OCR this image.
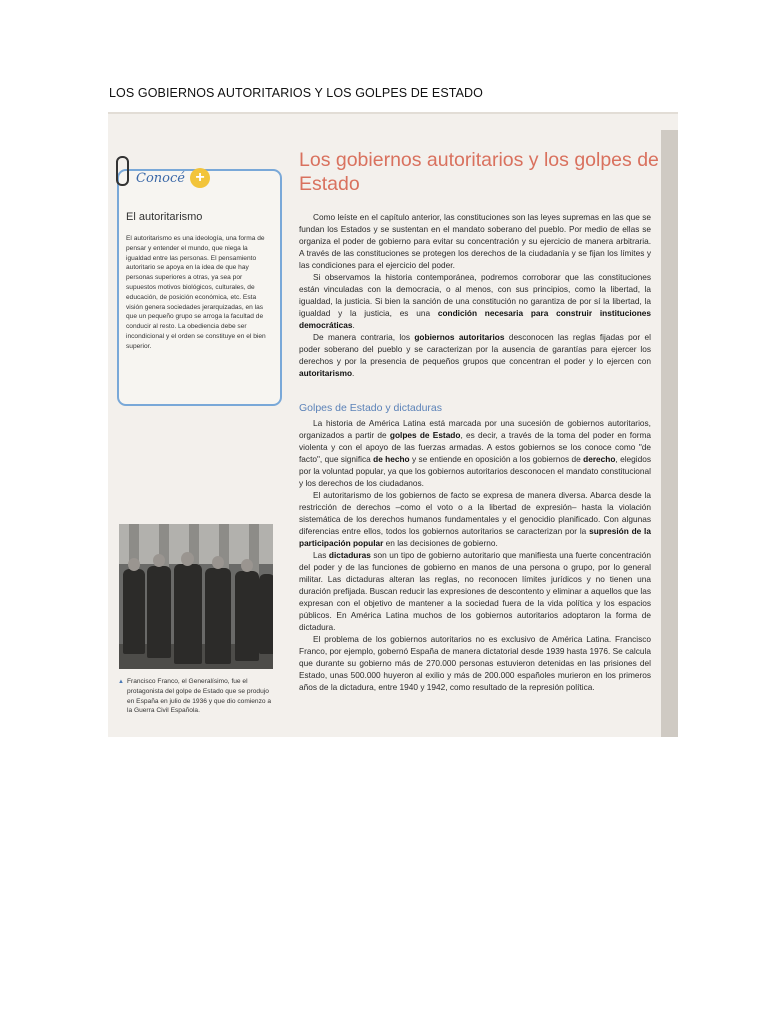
LOS GOBIERNOS AUTORITARIOS Y LOS GOLPES DE ESTADO
Conocé +
El autoritarismo
El autoritarismo es una ideología, una forma de pensar y entender el mundo, que niega la igualdad entre las personas. El pensamiento autoritario se apoya en la idea de que hay personas superiores a otras, ya sea por supuestos motivos biológicos, culturales, de educación, de posición económica, etc. Esta visión genera sociedades jerarquizadas, en las que un pequeño grupo se arroga la facultad de conducir al resto. La obediencia debe ser incondicional y el orden se constituye en el bien superior.
▲ Francisco Franco, el Generalísimo, fue el protagonista del golpe de Estado que se produjo en España en julio de 1936 y que dio comienzo a la Guerra Civil Española.
Los gobiernos autoritarios y los golpes de Estado

Como leíste en el capítulo anterior, las constituciones son las leyes supremas en las que se fundan los Estados y se sustentan en el mandato soberano del pueblo. Por medio de ellas se organiza el poder de gobierno para evitar su concentración y su ejercicio de manera arbitraria. A través de las constituciones se protegen los derechos de la ciudadanía y se fijan los límites y las condiciones para el ejercicio del poder.

Si observamos la historia contemporánea, podremos corroborar que las constituciones están vinculadas con la democracia, o al menos, con sus principios, como la libertad, la igualdad, la justicia. Si bien la sanción de una constitución no garantiza de por sí la libertad, la igualdad y la justicia, es una condición necesaria para construir instituciones democráticas.

De manera contraria, los gobiernos autoritarios desconocen las reglas fijadas por el poder soberano del pueblo y se caracterizan por la ausencia de garantías para ejercer los derechos y por la presencia de pequeños grupos que concentran el poder y lo ejercen con autoritarismo.

Golpes de Estado y dictaduras

La historia de América Latina está marcada por una sucesión de gobiernos autoritarios, organizados a partir de golpes de Estado, es decir, a través de la toma del poder en forma violenta y con el apoyo de las fuerzas armadas. A estos gobiernos se los conoce como "de facto", que significa de hecho y se entiende en oposición a los gobiernos de derecho, elegidos por la voluntad popular, ya que los gobiernos autoritarios desconocen el mandato constitucional y los derechos de los ciudadanos.

El autoritarismo de los gobiernos de facto se expresa de manera diversa. Abarca desde la restricción de derechos –como el voto o a la libertad de expresión– hasta la violación sistemática de los derechos humanos fundamentales y el genocidio planificado. Con algunas diferencias entre ellos, todos los gobiernos autoritarios se caracterizan por la supresión de la participación popular en las decisiones de gobierno.

Las dictaduras son un tipo de gobierno autoritario que manifiesta una fuerte concentración del poder y de las funciones de gobierno en manos de una persona o grupo, por lo general militar. Las dictaduras alteran las reglas, no reconocen límites jurídicos y no tienen una duración prefijada. Buscan reducir las expresiones de descontento y eliminar a aquellos que las expresan con el objetivo de mantener a la sociedad fuera de la vida política y los espacios públicos. En América Latina muchos de los gobiernos autoritarios adoptaron la forma de dictadura.

El problema de los gobiernos autoritarios no es exclusivo de América Latina. Francisco Franco, por ejemplo, gobernó España de manera dictatorial desde 1939 hasta 1976. Se calcula que durante su gobierno más de 270.000 personas estuvieron detenidas en las prisiones del Estado, unas 500.000 huyeron al exilio y más de 200.000 españoles murieron en los primeros años de la dictadura, entre 1940 y 1942, como resultado de la represión política.
